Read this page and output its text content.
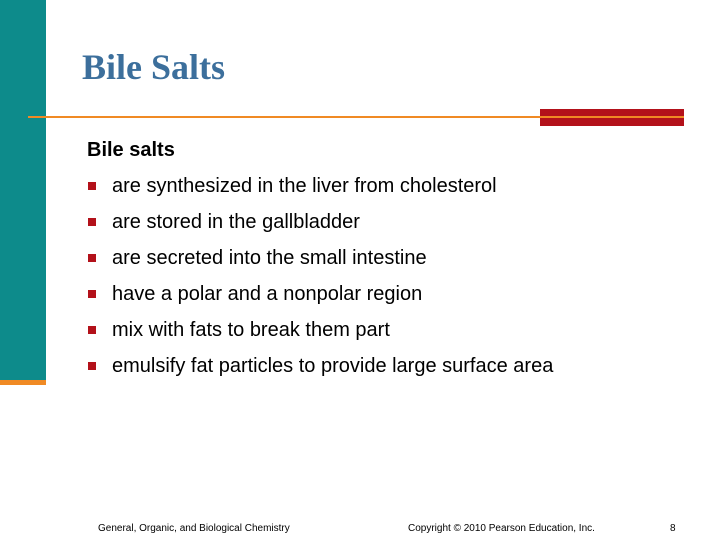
Bile Salts

Bile salts

are synthesized in the liver from cholesterol
are stored in the gallbladder
are secreted into the small intestine
have a polar and a nonpolar region
mix with fats to break them part
emulsify fat particles to provide large surface area
General, Organic, and Biological Chemistry	Copyright © 2010 Pearson Education, Inc.	8
